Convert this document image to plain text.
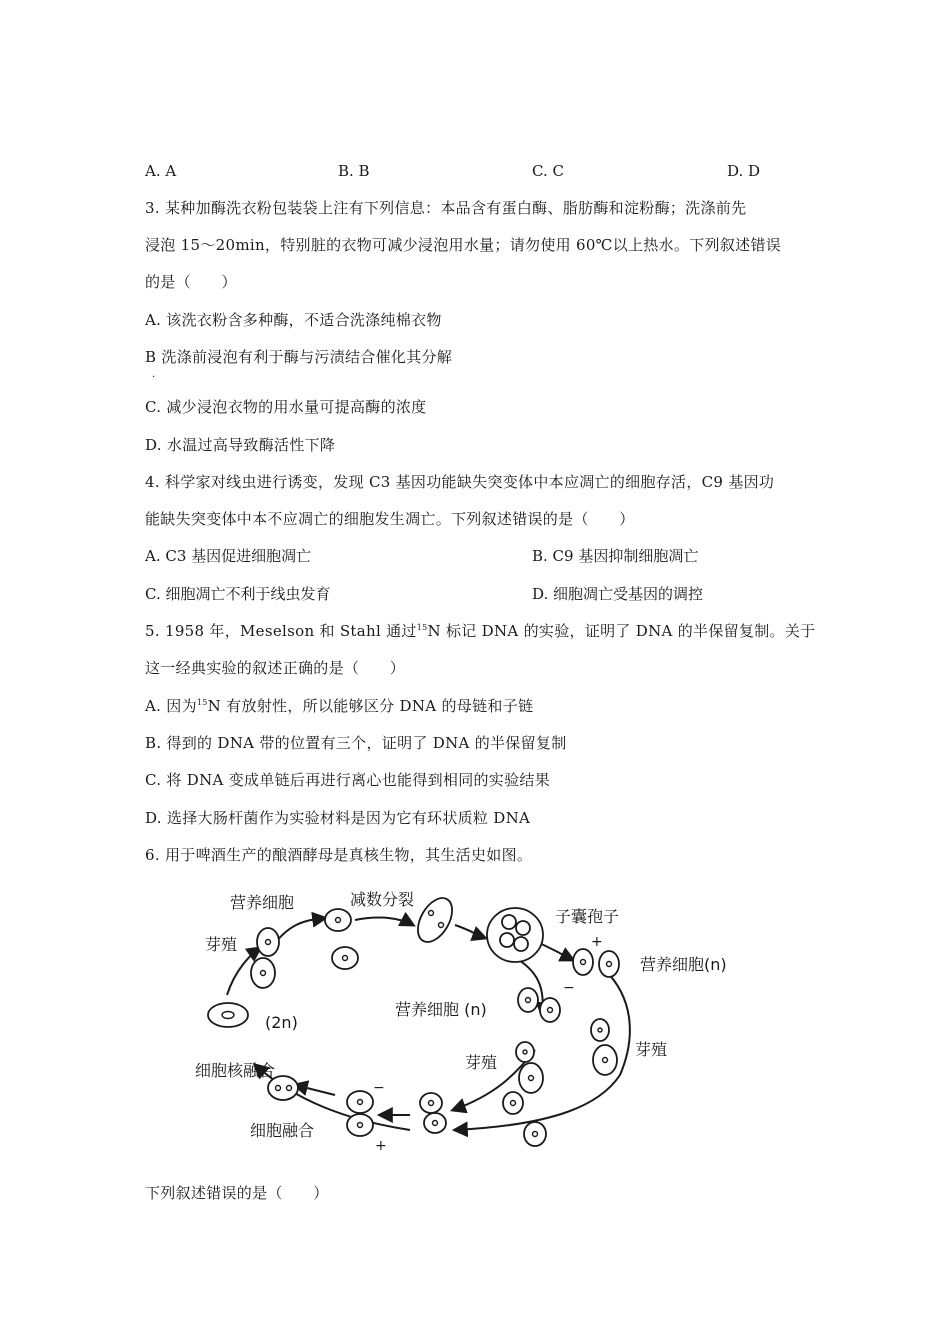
A. A	B. B	C. C	D. D
3. 某种加酶洗衣粉包装袋上注有下列信息：本品含有蛋白酶、脂肪酶和淀粉酶；洗涤前先
浸泡 15～20min，特别脏的衣物可减少浸泡用水量；请勿使用 60℃以上热水。下列叙述错误
的是（　　）
A. 该洗衣粉含多种酶，不适合洗涤纯棉衣物
B 洗涤前浸泡有利于酶与污渍结合催化其分解
·
C. 减少浸泡衣物的用水量可提高酶的浓度
D. 水温过高导致酶活性下降
4. 科学家对线虫进行诱变，发现 C3 基因功能缺失突变体中本应凋亡的细胞存活，C9 基因功
能缺失突变体中本不应凋亡的细胞发生凋亡。下列叙述错误的是（　　）
A. C3 基因促进细胞凋亡	B. C9 基因抑制细胞凋亡
C. 细胞凋亡不利于线虫发育	D. 细胞凋亡受基因的调控
5. 1958 年，Meselson 和 Stahl 通过$^{15}$N 标记 DNA 的实验，证明了 DNA 的半保留复制。关于
这一经典实验的叙述正确的是（　　）
A. 因为$^{15}$N 有放射性，所以能够区分 DNA 的母链和子链
B. 得到的 DNA 带的位置有三个，证明了 DNA 的半保留复制
C. 将 DNA 变成单链后再进行离心也能得到相同的实验结果
D. 选择大肠杆菌作为实验材料是因为它有环状质粒 DNA
6. 用于啤酒生产的酿酒酵母是真核生物，其生活史如图。
营养细胞	减数分裂
子囊孢子
营养细胞(n)
芽殖
(2n)
营养细胞 (n)
芽殖
芽殖
细胞核融合
细胞融合
+
−
−
+
下列叙述错误的是（　　）
